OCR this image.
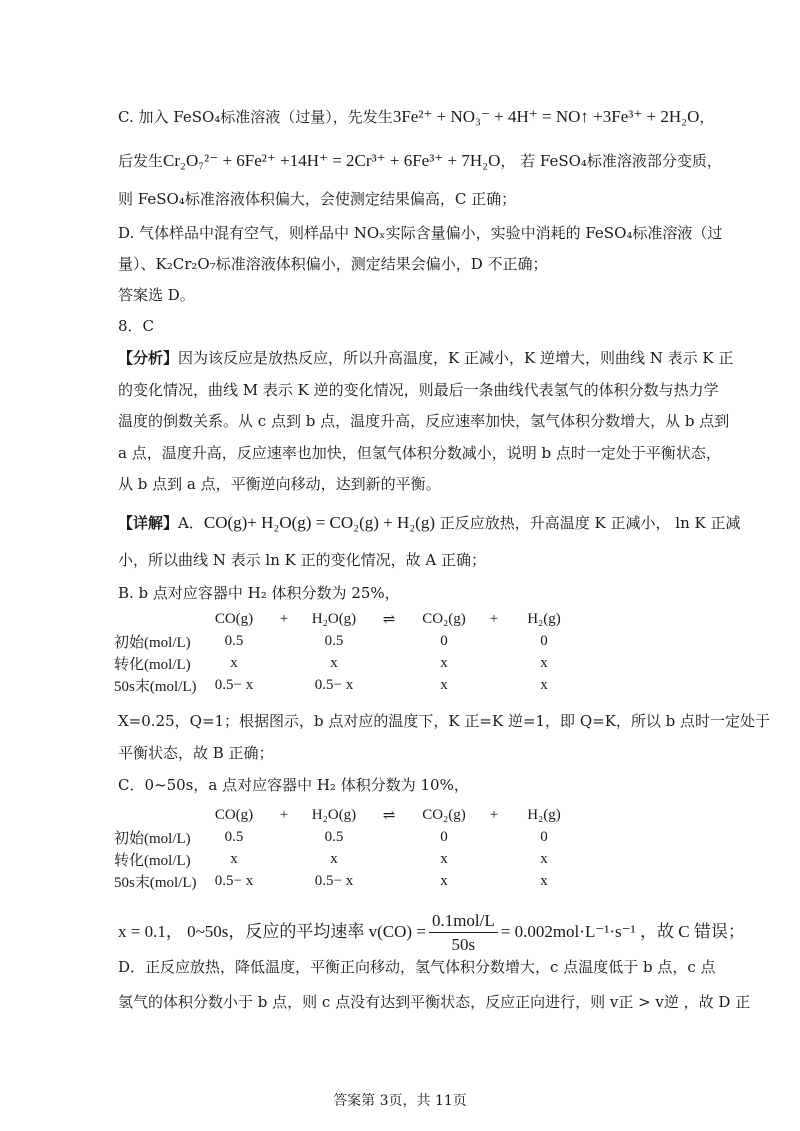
C. 加入 FeSO₄标准溶液（过量），先发生3Fe²⁺ + NO₃⁻ + 4H⁺ = NO↑ +3Fe³⁺ + 2H₂O，
后发生Cr₂O₇²⁻ + 6Fe²⁺ +14H⁺ = 2Cr³⁺ + 6Fe³⁺ + 7H₂O， 若 FeSO₄标准溶液部分变质，
则 FeSO₄标准溶液体积偏大，会使测定结果偏高，C 正确；
D. 气体样品中混有空气，则样品中 NOₓ实际含量偏小，实验中消耗的 FeSO₄标准溶液（过
量）、K₂Cr₂O₇标准溶液体积偏小，测定结果会偏小，D 不正确；
答案选 D。
8．C
【分析】因为该反应是放热反应，所以升高温度，K 正减小，K 逆增大，则曲线 N 表示 K 正
的变化情况，曲线 M 表示 K 逆的变化情况，则最后一条曲线代表氢气的体积分数与热力学
温度的倒数关系。从 c 点到 b 点，温度升高，反应速率加快，氢气体积分数增大，从 b 点到
a 点，温度升高，反应速率也加快，但氢气体积分数减小，说明 b 点时一定处于平衡状态，
从 b 点到 a 点，平衡逆向移动，达到新的平衡。
【详解】A．CO(g)+ H₂O(g) = CO₂(g) + H₂(g) 正反应放热，升高温度 K 正减小， ln K 正减
小，所以曲线 N 表示 ln K 正的变化情况，故 A 正确；
B. b 点对应容器中 H₂ 体积分数为 25%，
	CO(g)	+	H₂O(g)	⇌	CO₂(g)	+	H₂(g)
初始(mol/L)	0.5		0.5		0		0
转化(mol/L)	x		x		x		x
50s末(mol/L)	0.5− x		0.5− x		x		x
X=0.25，Q=1；根据图示，b 点对应的温度下，K 正=K 逆=1，即 Q=K，所以 b 点时一定处于
平衡状态，故 B 正确；
C．0~50s，a 点对应容器中 H₂ 体积分数为 10%，
	CO(g)	+	H₂O(g)	⇌	CO₂(g)	+	H₂(g)
初始(mol/L)	0.5		0.5		0		0
转化(mol/L)	x		x		x		x
50s末(mol/L)	0.5− x		0.5− x		x		x
x = 0.1， 0~50s，反应的平均速率 $v(CO) = \frac{\text{0.1mol/L}}{50s} = 0.002mol\cdot L^{-1}\cdot s^{-1}$ ，故 C 错误；
D．正反应放热，降低温度，平衡正向移动，氢气体积分数增大，c 点温度低于 b 点，c 点
氢气的体积分数小于 b 点，则 c 点没有达到平衡状态，反应正向进行，则 v正 > v逆 ，故 D 正
答案第 3页，共 11页
